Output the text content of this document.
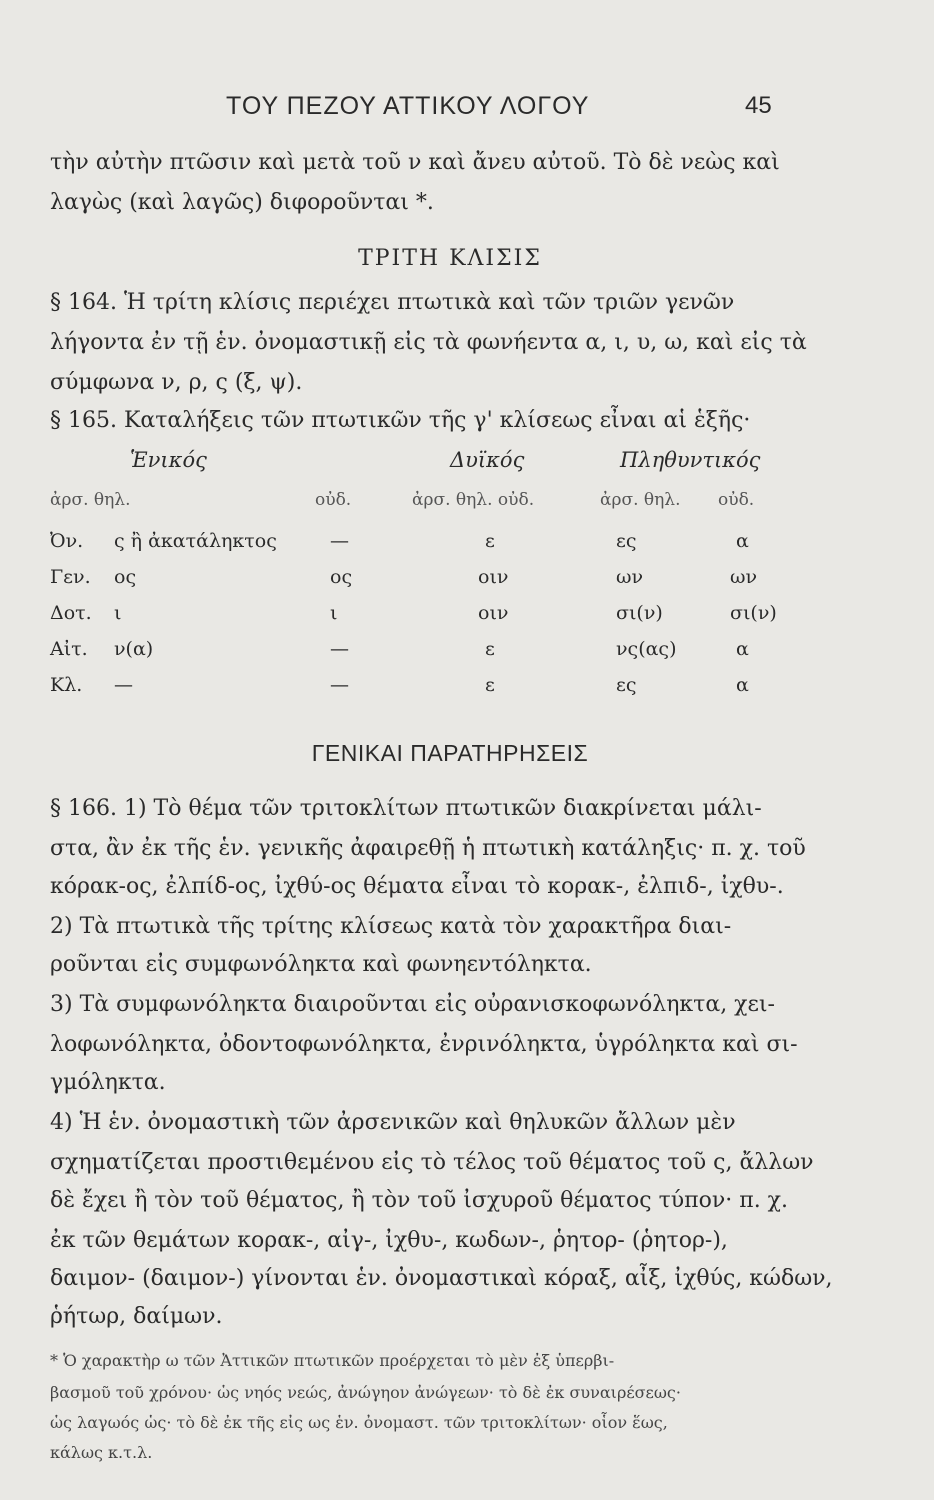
ΤΟΥ ΠΕΖΟΥ ΑΤΤΙΚΟΥ ΛΟΓΟΥ	45
τὴν αὐτὴν πτῶσιν καὶ μετὰ τοῦ ν καὶ ἄνευ αὐτοῦ. Τὸ δὲ νεὼς καὶ
λαγὼς (καὶ λαγῶς) διφοροῦνται *.
ΤΡΙΤΗ ΚΛΙΣΙΣ
§ 164. Ἡ τρίτη κλίσις περιέχει πτωτικὰ καὶ τῶν τριῶν γενῶν
λήγοντα ἐν τῇ ἑν. ὀνομαστικῇ εἰς τὰ φωνήεντα α, ι, υ, ω, καὶ εἰς τὰ
σύμφωνα ν, ρ, ς (ξ, ψ).
§ 165. Καταλήξεις τῶν πτωτικῶν τῆς γ' κλίσεως εἶναι αἱ ἑξῆς·
Ἑνικός	Δυϊκός	Πληθυντικός
ἀρσ. θηλ.	οὐδ.	ἀρσ. θηλ. οὐδ.	ἀρσ. θηλ. οὐδ.
Ὀν. ς ἢ ἀκατάληκτος	—	ε	ες	α
Γεν. ος	ος	οιν	ων	ων
Δοτ. ι	ι	οιν	σι(ν)	σι(ν)
Αἰτ. ν(α)	—	ε	νς(ας)	α
Κλ. —	—	ε	ες	α
ΓΕΝΙΚΑΙ ΠΑΡΑΤΗΡΗΣΕΙΣ
§ 166. 1) Τὸ θέμα τῶν τριτοκλίτων πτωτικῶν διακρίνεται μάλι-
στα, ἂν ἐκ τῆς ἑν. γενικῆς ἀφαιρεθῇ ἡ πτωτικὴ κατάληξις· π. χ. τοῦ
κόρακ-ος, ἐλπίδ-ος, ἰχθύ-ος θέματα εἶναι τὸ κορακ-, ἐλπιδ-, ἰχθυ-.
2) Τὰ πτωτικὰ τῆς τρίτης κλίσεως κατὰ τὸν χαρακτῆρα διαι-
ροῦνται εἰς συμφωνόληκτα καὶ φωνηεντόληκτα.
3) Τὰ συμφωνόληκτα διαιροῦνται εἰς οὐρανισκοφωνόληκτα, χει-
λοφωνόληκτα, ὀδοντοφωνόληκτα, ἐνρινόληκτα, ὑγρόληκτα καὶ σι-
γμόληκτα.
4) Ἡ ἑν. ὀνομαστικὴ τῶν ἀρσενικῶν καὶ θηλυκῶν ἄλλων μὲν
σχηματίζεται προστιθεμένου εἰς τὸ τέλος τοῦ θέματος τοῦ ς, ἄλλων
δὲ ἔχει ἢ τὸν τοῦ θέματος, ἢ τὸν τοῦ ἰσχυροῦ θέματος τύπον· π. χ.
ἐκ τῶν θεμάτων κορακ-, αἰγ-, ἰχθυ-, κωδων-, ῥητορ- (ῥητορ-),
δαιμον- (δαιμον-) γίνονται ἑν. ὀνομαστικαὶ κόραξ, αἶξ, ἰχθύς, κώδων,
ῥήτωρ, δαίμων.
* Ὁ χαρακτὴρ ω τῶν Ἀττικῶν πτωτικῶν προέρχεται τὸ μὲν ἐξ ὑπερβι-
βασμοῦ τοῦ χρόνου· ὡς νηός νεώς, ἀνώγηον ἀνώγεων· τὸ δὲ ἐκ συναιρέσεως·
ὡς λαγωός ὡς· τὸ δὲ ἐκ τῆς εἰς ως ἑν. ὀνομαστ. τῶν τριτοκλίτων· οἷον ἕως,
κάλως κ.τ.λ.
